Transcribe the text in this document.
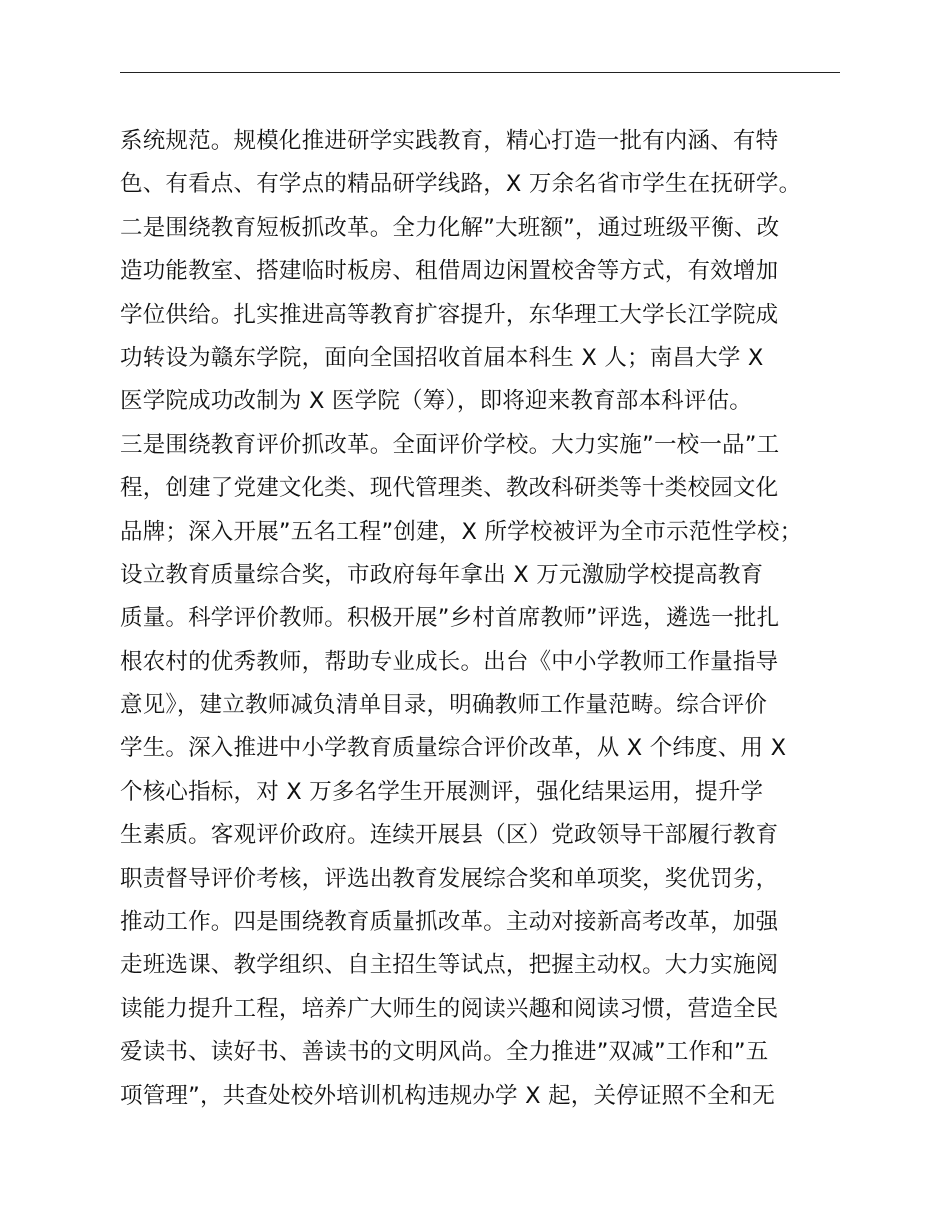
系统规范。规模化推进研学实践教育，精心打造一批有内涵、有特
色、有看点、有学点的精品研学线路，X 万余名省市学生在抚研学。
二是围绕教育短板抓改革。全力化解”大班额”，通过班级平衡、改
造功能教室、搭建临时板房、租借周边闲置校舍等方式，有效增加
学位供给。扎实推进高等教育扩容提升，东华理工大学长江学院成
功转设为赣东学院，面向全国招收首届本科生 X 人；南昌大学 X
医学院成功改制为 X 医学院（筹），即将迎来教育部本科评估。
三是围绕教育评价抓改革。全面评价学校。大力实施”一校一品”工
程，创建了党建文化类、现代管理类、教改科研类等十类校园文化
品牌；深入开展”五名工程”创建，X 所学校被评为全市示范性学校；
设立教育质量综合奖，市政府每年拿出 X 万元激励学校提高教育
质量。科学评价教师。积极开展”乡村首席教师”评选，遴选一批扎
根农村的优秀教师，帮助专业成长。出台《中小学教师工作量指导
意见》，建立教师减负清单目录，明确教师工作量范畴。综合评价
学生。深入推进中小学教育质量综合评价改革，从 X 个纬度、用 X
个核心指标，对 X 万多名学生开展测评，强化结果运用，提升学
生素质。客观评价政府。连续开展县（区）党政领导干部履行教育
职责督导评价考核，评选出教育发展综合奖和单项奖，奖优罚劣，
推动工作。四是围绕教育质量抓改革。主动对接新高考改革，加强
走班选课、教学组织、自主招生等试点，把握主动权。大力实施阅
读能力提升工程，培养广大师生的阅读兴趣和阅读习惯，营造全民
爱读书、读好书、善读书的文明风尚。全力推进”双减”工作和”五
项管理”，共查处校外培训机构违规办学 X 起，关停证照不全和无
